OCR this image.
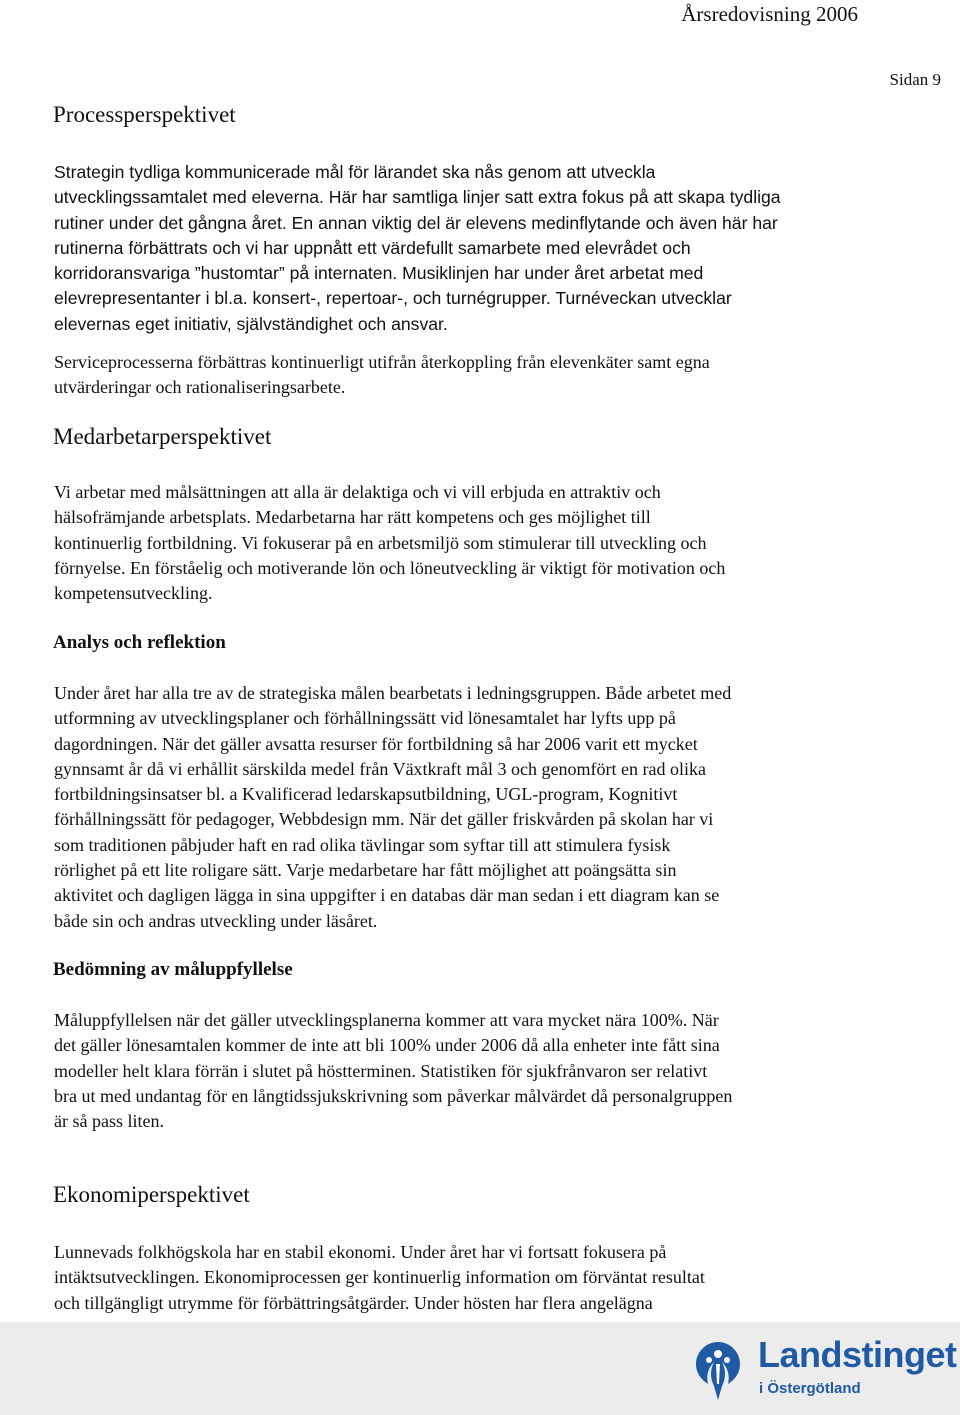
Årsredovisning 2006
Sidan 9
Processperspektivet
Strategin tydliga kommunicerade mål för lärandet ska nås genom att utveckla
utvecklingssamtalet med eleverna. Här har samtliga linjer satt extra fokus på att skapa tydliga
rutiner under det gångna året. En annan viktig del är elevens medinflytande och även här har
rutinerna förbättrats och vi har uppnått ett värdefullt samarbete med elevrådet och
korridoransvariga ”hustomtar” på internaten. Musiklinjen har under året arbetat med
elevrepresentanter i bl.a. konsert-, repertoar-, och turnégrupper. Turnéveckan utvecklar
elevernas eget initiativ, självständighet och ansvar.
Serviceprocesserna förbättras kontinuerligt utifrån återkoppling från elevenkäter samt egna
utvärderingar och rationaliseringsarbete.
Medarbetarperspektivet
Vi arbetar med målsättningen att alla är delaktiga och vi vill erbjuda en attraktiv och
hälsofrämjande arbetsplats. Medarbetarna har rätt kompetens och ges möjlighet till
kontinuerlig fortbildning. Vi fokuserar på en arbetsmiljö som stimulerar till utveckling och
förnyelse. En förståelig och motiverande lön och löneutveckling är viktigt för motivation och
kompetensutveckling.
Analys och reflektion
Under året har alla tre av de strategiska målen bearbetats i ledningsgruppen. Både arbetet med
utformning av utvecklingsplaner och förhållningssätt vid lönesamtalet har lyfts upp på
dagordningen. När det gäller avsatta resurser för fortbildning så har 2006 varit ett mycket
gynnsamt år då vi erhållit särskilda medel från Växtkraft mål 3 och genomfört en rad olika
fortbildningsinsatser bl. a Kvalificerad ledarskapsutbildning, UGL-program, Kognitivt
förhållningssätt för pedagoger, Webbdesign mm. När det gäller friskvården på skolan har vi
som traditionen påbjuder haft en rad olika tävlingar som syftar till att stimulera fysisk
rörlighet på ett lite roligare sätt. Varje medarbetare har fått möjlighet att poängsätta sin
aktivitet och dagligen lägga in sina uppgifter i en databas där man sedan i ett diagram kan se
både sin och andras utveckling under läsåret.
Bedömning av måluppfyllelse
Måluppfyllelsen när det gäller utvecklingsplanerna kommer att vara mycket nära 100%. När
det gäller lönesamtalen kommer de inte att bli 100% under 2006 då alla enheter inte fått sina
modeller helt klara förrän i slutet på höstterminen. Statistiken för sjukfrånvaron ser relativt
bra ut med undantag för en långtidssjukskrivning som påverkar målvärdet då personalgruppen
är så pass liten.
Ekonomiperspektivet
Lunnevads folkhögskola har en stabil ekonomi. Under året har vi fortsatt fokusera på
intäktsutvecklingen. Ekonomiprocessen ger kontinuerlig information om förväntat resultat
och tillgängligt utrymme för förbättringsåtgärder. Under hösten har flera angelägna
Landstinget
i Östergötland
